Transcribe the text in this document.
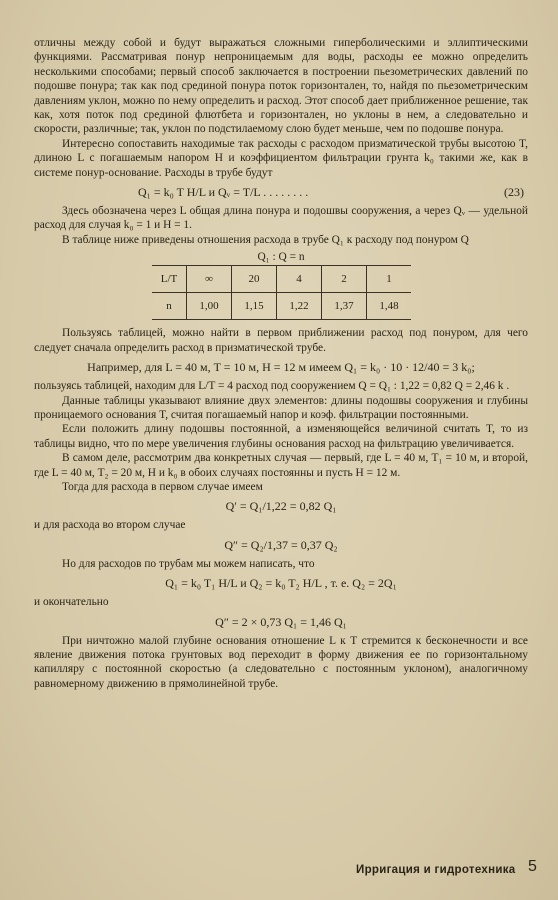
отличны между собой и будут выражаться сложными гиперболическими и эллиптическими функциями. Рассматривая понур непроницаемым для воды, расходы ее можно определить несколькими способами; первый способ заключается в построении пьезометрических давлений по подошве понура; так как под срединой понура поток горизонтален, то, найдя по пьезометрическим давлениям уклон, можно по нему определить и расход. Этот способ дает приближенное решение, так как, хотя поток под срединой флютбета и горизонтален, но уклоны в нем, а следовательно и скорости, различные; так, уклон по подстилаемому слою будет меньше, чем по подошве понура.

Интересно сопоставить находимые так расходы с расходом призматической трубы высотою T, длиною L с погашаемым напором H и коэффициентом фильтрации грунта k₀ такими же, как в системе понур-основание. Расходы в трубе будут

Q₁ = k₀ T H/L и Qᵥ = T/L . . . . . . . .	(23)

Здесь обозначена через L общая длина понура и подошвы сооружения, а через Qᵥ — удельной расход для случая k₀ = 1 и H = 1.

В таблице ниже приведены отношения расхода в трубе Q₁ к расходу под понуром Q

Q₁ : Q = n
L/T	∞	20	4	2	1
n	1,00	1,15	1,22	1,37	1,48

Пользуясь таблицей, можно найти в первом приближении расход под понуром, для чего следует сначала определить расход в призматической трубе.

Например, для L = 40 м, T = 10 м, H = 12 м имеем Q₁ = k₀ · 10 · 12/40 = 3 k₀;

пользуясь таблицей, находим для L/T = 4 расход под сооружением Q = Q₁ : 1,22 = 0,82 Q = 2,46 k .

Данные таблицы указывают влияние двух элементов: длины подошвы сооружения и глубины проницаемого основания T, считая погашаемый напор и коэф. фильтрации постоянными.

Если положить длину подошвы постоянной, а изменяющейся величиной считать T, то из таблицы видно, что по мере увеличения глубины основания расход на фильтрацию увеличивается.

В самом деле, рассмотрим два конкретных случая — первый, где L = 40 м, T₁ = 10 м, и второй, где L = 40 м, T₂ = 20 м, H и k₀ в обоих случаях постоянны и пусть H = 12 м.

Тогда для расхода в первом случае имеем

Q′ = Q₁/1,22 = 0,82 Q₁

и для расхода во втором случае

Q″ = Q₂/1,37 = 0,37 Q₂

Но для расходов по трубам мы можем написать, что

Q₁ = k₀ T₁ H/L и Q₂ = k₀ T₂ H/L , т. е. Q₂ = 2Q₁

и окончательно

Q″ = 2 × 0,73 Q₁ = 1,46 Q₁

При ничтожно малой глубине основания отношение L к T стремится к бесконечности и все явление движения потока грунтовых вод переходит в форму движения ее по горизонтальному капилляру с постоянной скоростью (а следовательно с постоянным уклоном), аналогичному равномерному движению в прямолинейной трубе.

Ирригация и гидротехника 5
